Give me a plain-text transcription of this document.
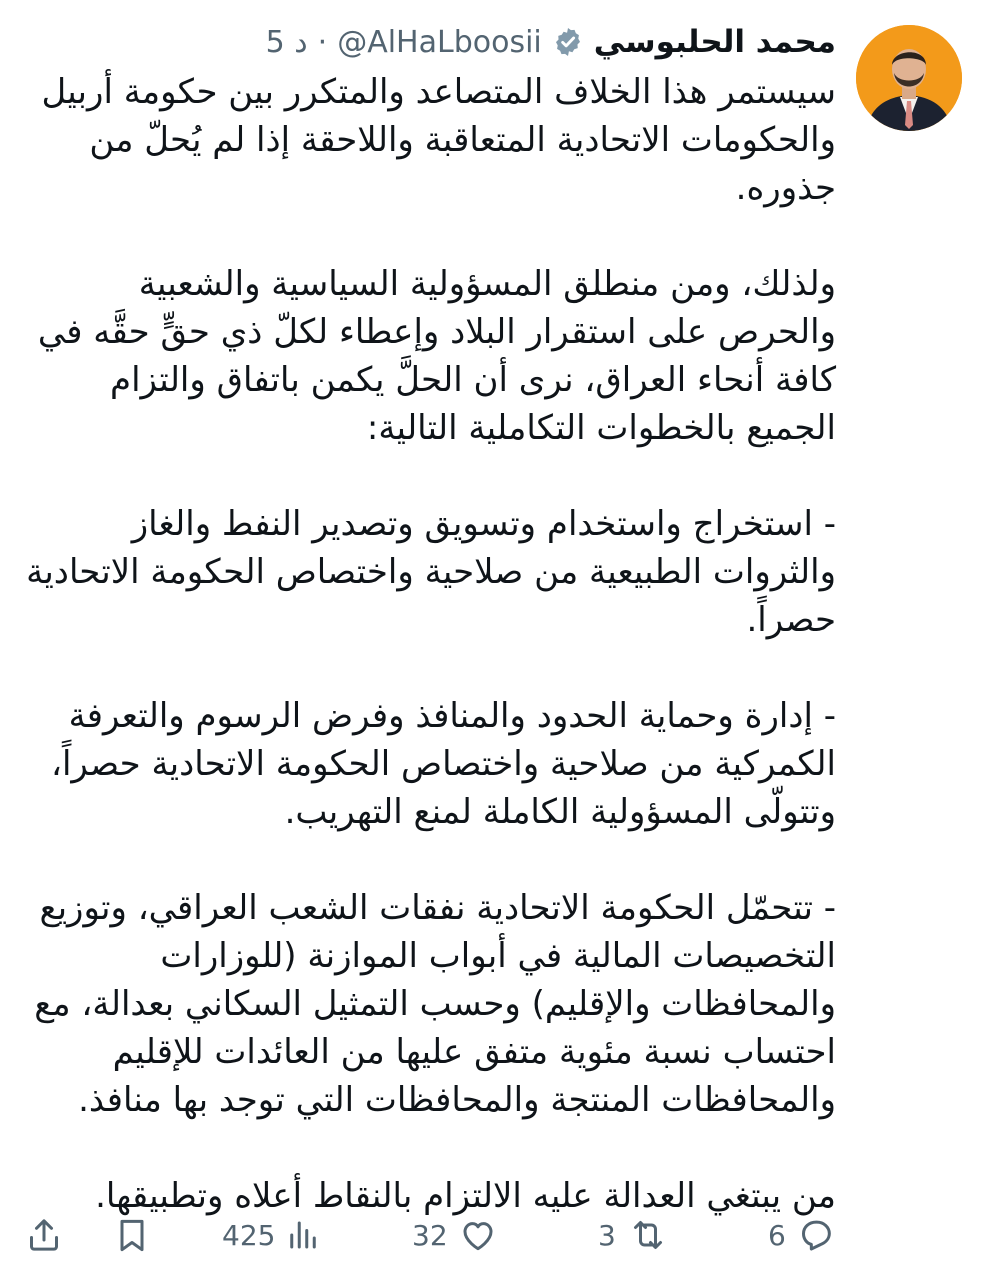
5 د · @AlHaLboosii محمد الحلبوسي

سيستمر هذا الخلاف المتصاعد والمتكرر بين حكومة أربيل والحكومات الاتحادية المتعاقبة واللاحقة إذا لم يُحلّ من جذوره.

ولذلك، ومن منطلق المسؤولية السياسية والشعبية والحرص على استقرار البلاد وإعطاء لكلّ ذي حقٍّ حقَّه في كافة أنحاء العراق، نرى أن الحلَّ يكمن باتفاق والتزام الجميع بالخطوات التكاملية التالية:

- استخراج واستخدام وتسويق وتصدير النفط والغاز والثروات الطبيعية من صلاحية واختصاص الحكومة الاتحادية حصراً.

- إدارة وحماية الحدود والمنافذ وفرض الرسوم والتعرفة الكمركية من صلاحية واختصاص الحكومة الاتحادية حصراً، وتتولّى المسؤولية الكاملة لمنع التهريب.

- تتحمّل الحكومة الاتحادية نفقات الشعب العراقي، وتوزيع التخصيصات المالية في أبواب الموازنة (للوزارات والمحافظات والإقليم) وحسب التمثيل السكاني بعدالة، مع احتساب نسبة مئوية متفق عليها من العائدات للإقليم والمحافظات المنتجة والمحافظات التي توجد بها منافذ.

من يبتغي العدالة عليه الالتزام بالنقاط أعلاه وتطبيقها.

6
3
32
425
